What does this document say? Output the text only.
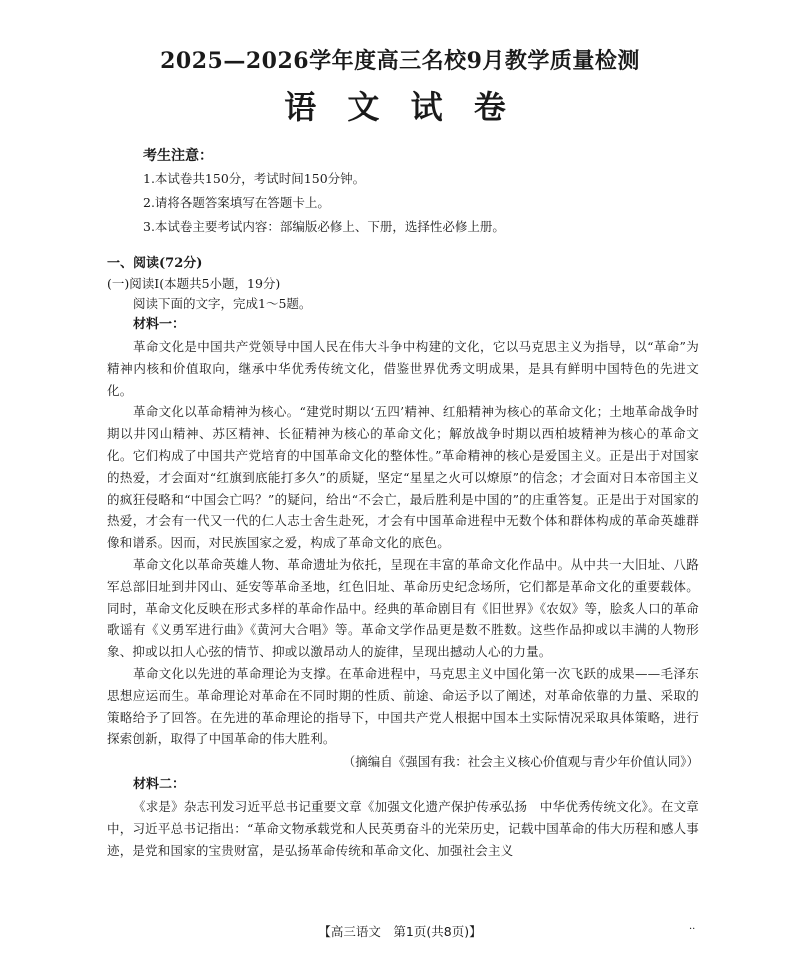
2025—2026学年度高三名校9月教学质量检测
语 文 试 卷
考生注意：
1.本试卷共150分，考试时间150分钟。
2.请将各题答案填写在答题卡上。
3.本试卷主要考试内容：部编版必修上、下册，选择性必修上册。
一、阅读(72分)
(一)阅读Ⅰ(本题共5小题，19分)
阅读下面的文字，完成1～5题。
材料一：

革命文化是中国共产党领导中国人民在伟大斗争中构建的文化，它以马克思主义为指导，以“革命”为精神内核和价值取向，继承中华优秀传统文化，借鉴世界优秀文明成果，是具有鲜明中国特色的先进文化。

革命文化以革命精神为核心。“建党时期以‘五四’精神、红船精神为核心的革命文化；土地革命战争时期以井冈山精神、苏区精神、长征精神为核心的革命文化；解放战争时期以西柏坡精神为核心的革命文化。它们构成了中国共产党培育的中国革命文化的整体性。”革命精神的核心是爱国主义。正是出于对国家的热爱，才会面对“红旗到底能打多久”的质疑，坚定“星星之火可以燎原”的信念；才会面对日本帝国主义的疯狂侵略和“中国会亡吗？”的疑问，给出“不会亡，最后胜利是中国的”的庄重答复。正是出于对国家的热爱，才会有一代又一代的仁人志士舍生赴死，才会有中国革命进程中无数个体和群体构成的革命英雄群像和谱系。因而，对民族国家之爱，构成了革命文化的底色。

革命文化以革命英雄人物、革命遗址为依托，呈现在丰富的革命文化作品中。从中共一大旧址、八路军总部旧址到井冈山、延安等革命圣地，红色旧址、革命历史纪念场所，它们都是革命文化的重要载体。同时，革命文化反映在形式多样的革命作品中。经典的革命剧目有《旧世界》《农奴》等，脍炙人口的革命歌谣有《义勇军进行曲》《黄河大合唱》等。革命文学作品更是数不胜数。这些作品抑或以丰满的人物形象、抑或以扣人心弦的情节、抑或以激昂动人的旋律，呈现出撼动人心的力量。

革命文化以先进的革命理论为支撑。在革命进程中，马克思主义中国化第一次飞跃的成果——毛泽东思想应运而生。革命理论对革命在不同时期的性质、前途、命运予以了阐述，对革命依靠的力量、采取的策略给予了回答。在先进的革命理论的指导下，中国共产党人根据中国本土实际情况采取具体策略，进行探索创新，取得了中国革命的伟大胜利。

（摘编自《强国有我：社会主义核心价值观与青少年价值认同》）
材料二：

《求是》杂志刊发习近平总书记重要文章《加强文化遗产保护传承弘扬　中华优秀传统文化》。在文章中，习近平总书记指出：“革命文物承载党和人民英勇奋斗的光荣历史，记载中国革命的伟大历程和感人事迹，是党和国家的宝贵财富，是弘扬革命传统和革命文化、加强社会主义

【高三语文　第1页(共8页)】	··
